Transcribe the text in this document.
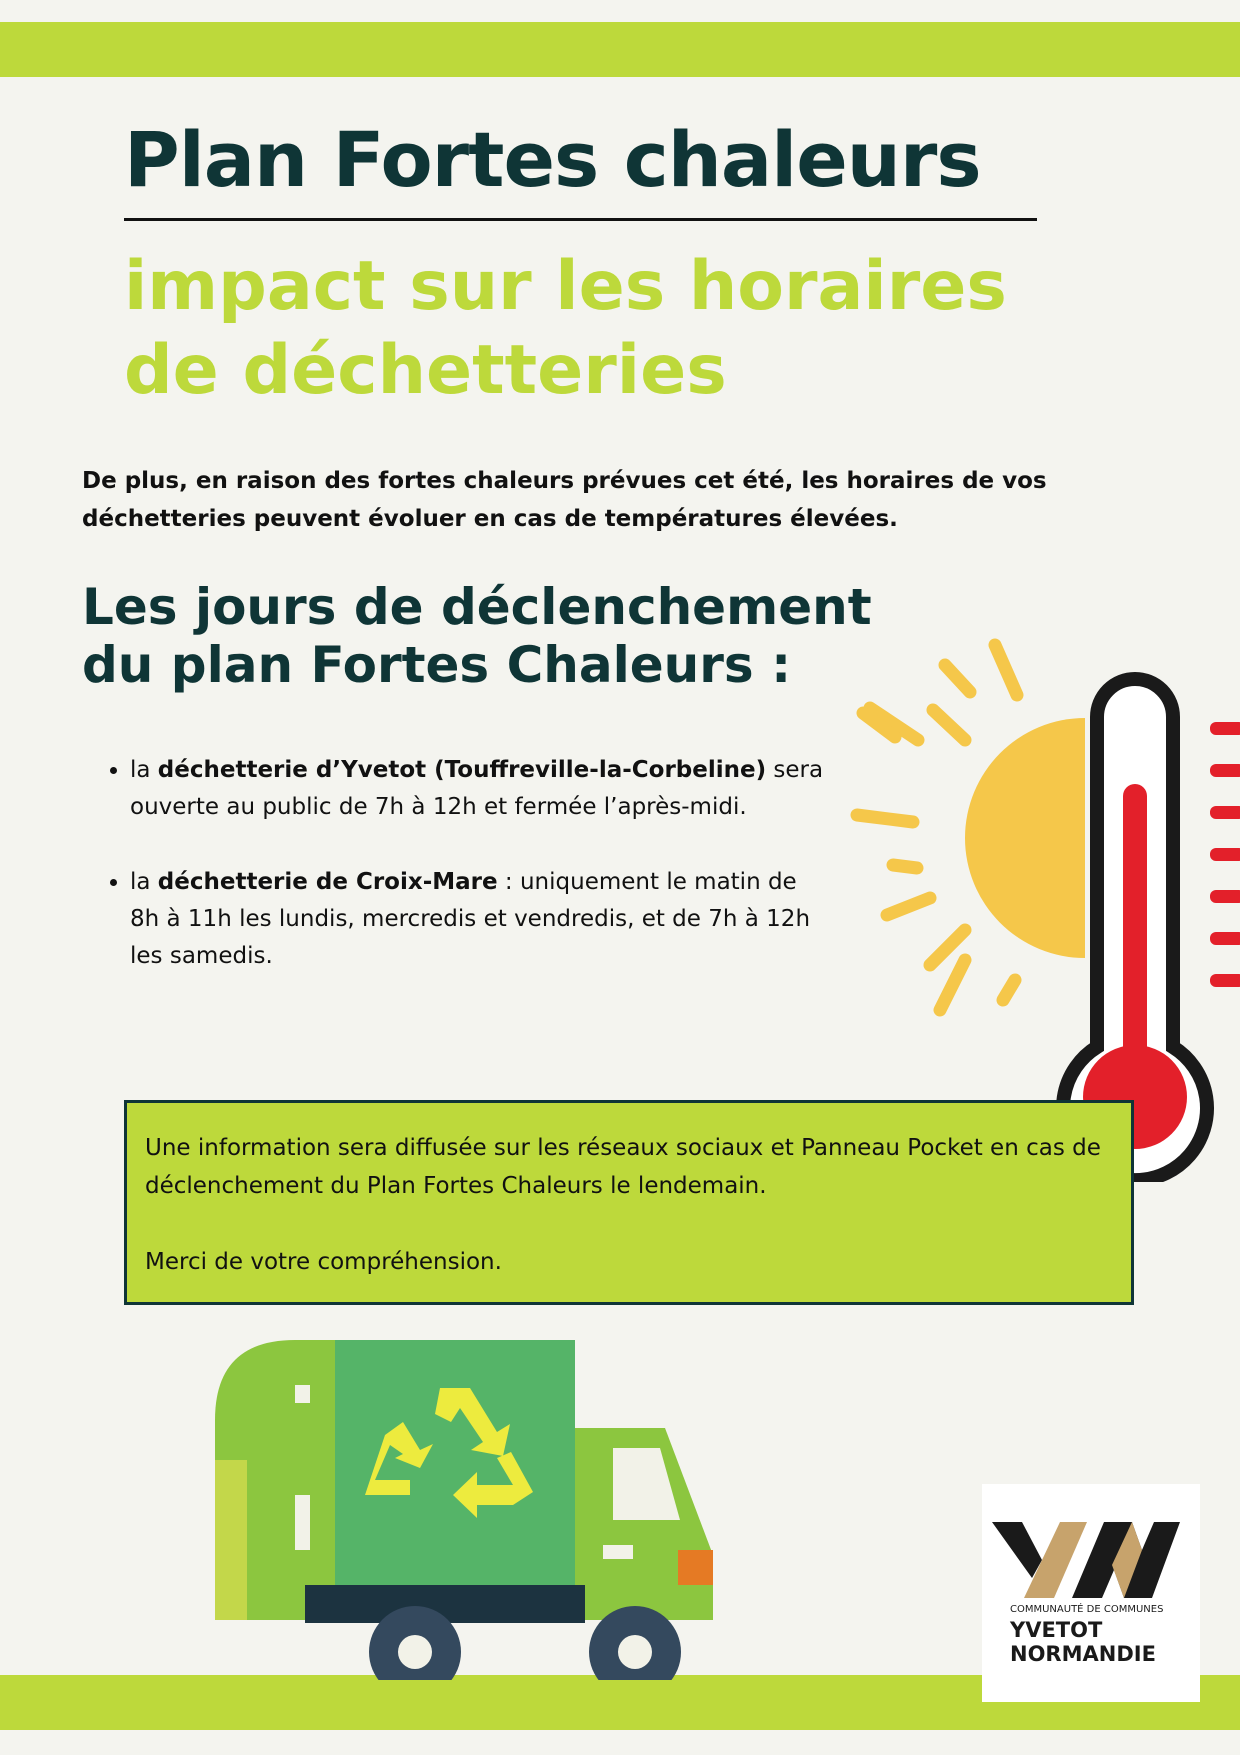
Plan Fortes chaleurs
impact sur les horaires
de déchetteries

De plus, en raison des fortes chaleurs prévues cet été, les horaires de vos déchetteries peuvent évoluer en cas de températures élevées.

Les jours de déclenchement
du plan Fortes Chaleurs :
• la déchetterie d’Yvetot (Touffreville-la-Corbeline) sera ouverte au public de 7h à 12h et fermée l’après-midi.
• la déchetterie de Croix-Mare : uniquement le matin de 8h à 11h les lundis, mercredis et vendredis, et de 7h à 12h les samedis.

Une information sera diffusée sur les réseaux sociaux et Panneau Pocket en cas de déclenchement du Plan Fortes Chaleurs le lendemain.

Merci de votre compréhension.

COMMUNAUTÉ DE COMMUNES
YVETOT
NORMANDIE
